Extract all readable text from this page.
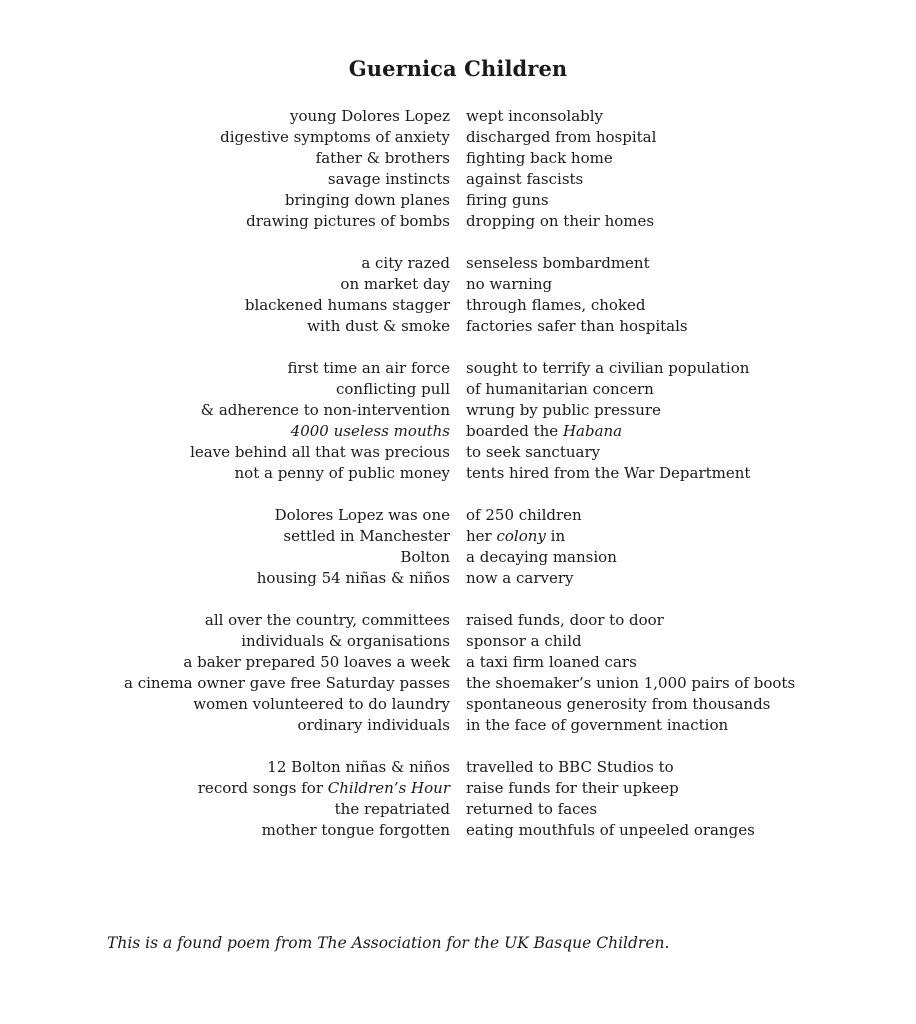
Guernica Children
young Dolores Lopez wept inconsolably
digestive symptoms of anxiety discharged from hospital
father & brothers fighting back home
savage instincts against fascists
bringing down planes firing guns
drawing pictures of bombs dropping on their homes
a city razed senseless bombardment
on market day no warning
blackened humans stagger through flames, choked
with dust & smoke factories safer than hospitals
first time an air force sought to terrify a civilian population
conflicting pull of humanitarian concern
& adherence to non-intervention wrung by public pressure
4000 useless mouths boarded the Habana
leave behind all that was precious to seek sanctuary
not a penny of public money tents hired from the War Department
Dolores Lopez was one of 250 children
settled in Manchester her colony in
Bolton a decaying mansion
housing 54 niñas & niños now a carvery
all over the country, committees raised funds, door to door
individuals & organisations sponsor a child
a baker prepared 50 loaves a week a taxi firm loaned cars
a cinema owner gave free Saturday passes the shoemaker’s union 1,000 pairs of boots
women volunteered to do laundry spontaneous generosity from thousands
ordinary individuals in the face of government inaction
12 Bolton niñas & niños travelled to BBC Studios to
record songs for Children’s Hour raise funds for their upkeep
the repatriated returned to faces
mother tongue forgotten eating mouthfuls of unpeeled oranges
This is a found poem from The Association for the UK Basque Children.
